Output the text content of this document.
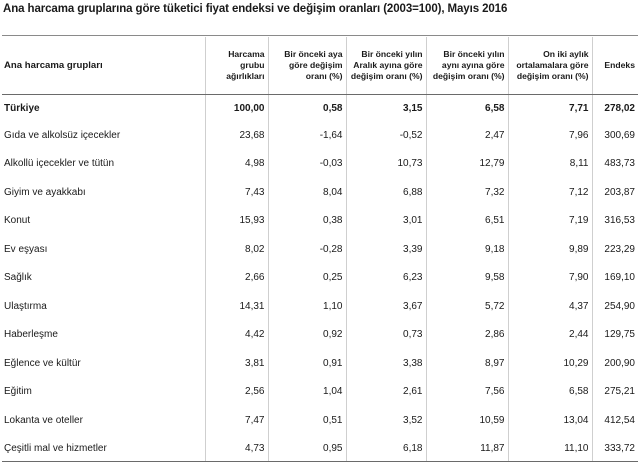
Ana harcama gruplarına göre tüketici fiyat endeksi ve değişim oranları (2003=100), Mayıs 2016
Ana harcama grupları	Harcama grubu ağırlıkları	Bir önceki aya göre değişim oranı (%)	Bir önceki yılın Aralık ayına göre değişim oranı (%)	Bir önceki yılın aynı ayına göre değişim oranı (%)	On iki aylık ortalamalara göre değişim oranı (%)	Endeks
Türkiye	100,00	0,58	3,15	6,58	7,71	278,02
Gıda ve alkolsüz içecekler	23,68	-1,64	-0,52	2,47	7,96	300,69
Alkollü içecekler ve tütün	4,98	-0,03	10,73	12,79	8,11	483,73
Giyim ve ayakkabı	7,43	8,04	6,88	7,32	7,12	203,87
Konut	15,93	0,38	3,01	6,51	7,19	316,53
Ev eşyası	8,02	-0,28	3,39	9,18	9,89	223,29
Sağlık	2,66	0,25	6,23	9,58	7,90	169,10
Ulaştırma	14,31	1,10	3,67	5,72	4,37	254,90
Haberleşme	4,42	0,92	0,73	2,86	2,44	129,75
Eğlence ve kültür	3,81	0,91	3,38	8,97	10,29	200,90
Eğitim	2,56	1,04	2,61	7,56	6,58	275,21
Lokanta ve oteller	7,47	0,51	3,52	10,59	13,04	412,54
Çeşitli mal ve hizmetler	4,73	0,95	6,18	11,87	11,10	333,72
